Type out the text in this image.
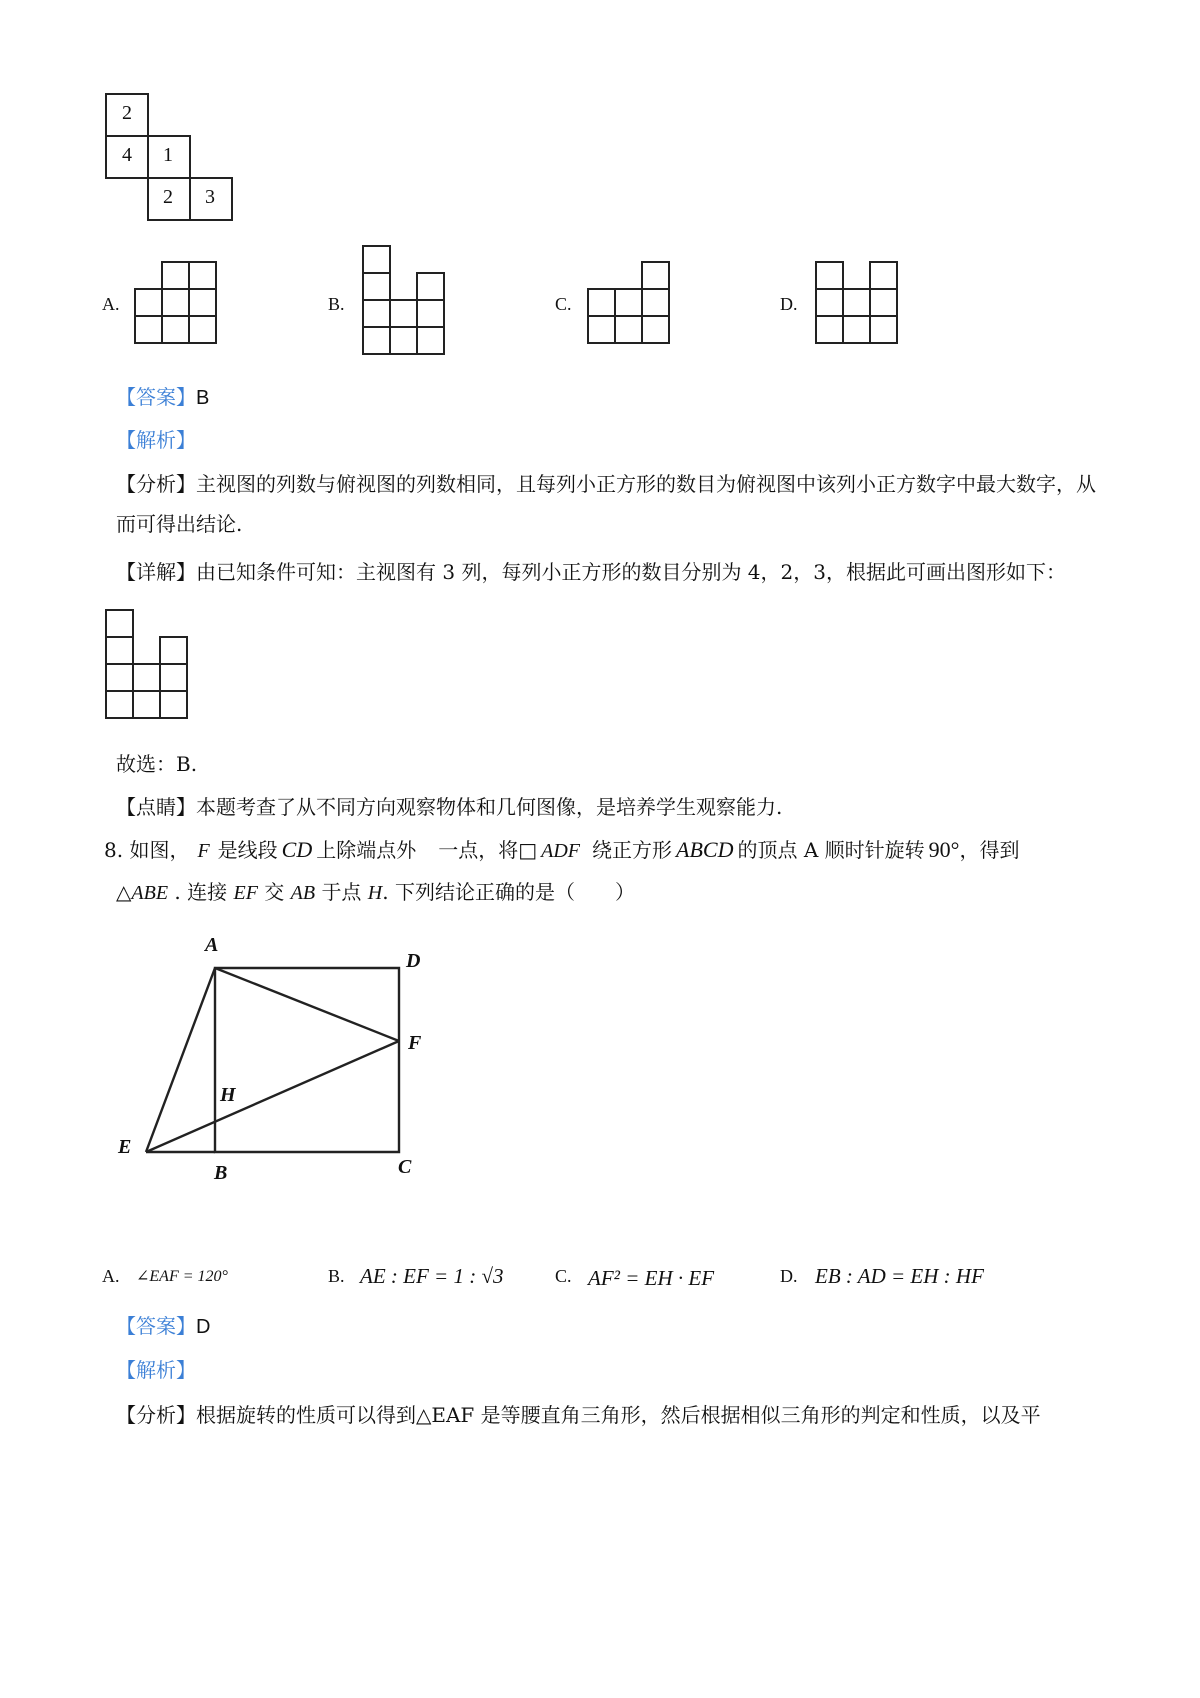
2
4 1
2 3
A.	B.	C.	D.
【答案】B
【解析】
【分析】主视图的列数与俯视图的列数相同，且每列小正方形的数目为俯视图中该列小正方数字中最大数字，从而可得出结论.
【详解】由已知条件可知：主视图有 3 列，每列小正方形的数目分别为 4，2，3，根据此可画出图形如下：
故选：B.
【点睛】本题考查了从不同方向观察物体和几何图像，是培养学生观察能力.
8. 如图， F 是线段 CD 上除端点外 一点，将□ ADF 绕正方形 ABCD 的顶点 A 顺时针旋转 90°，得到
△ABE . 连接 EF 交 AB 于点 H. 下列结论正确的是（　　）
A
D
F
H
E
B	C
A. ∠EAF = 120°	B. AE : EF = 1 : √3	C. AF² = EH · EF	D. EB : AD = EH : HF
【答案】D
【解析】
【分析】根据旋转的性质可以得到△EAF 是等腰直角三角形，然后根据相似三角形的判定和性质，以及平
